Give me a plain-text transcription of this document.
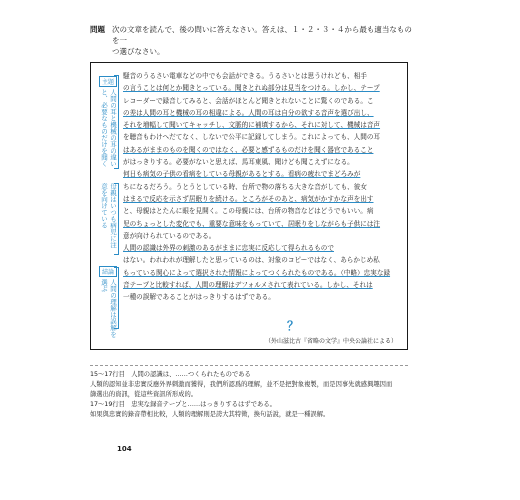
問題 次の文章を読んで、後の問いに答えなさい。答えは、１・２・３・４から最も適当なものを一
つ選びなさい。
主題
人間の耳と機械の耳の違いと、必要なものだけを聞く
母親はいつも病児に注意を向けている
結論
人間の理解は誤解を選ぶ
騒音のうるさい電車などの中でも会話ができる。うるさいとは思うけれども、相手
の言うことは何とか聞きとっている。聞きとれぬ部分は見当をつける。しかし、テープ
レコーダーで録音してみると、会話がほとんど聞きとれないことに驚くのである。こ
の差は人間の耳と機械の耳の相違による。人間の耳は自分の欲する音声を選び出し、
それを増幅して聞いてキャッチし、文脈的に補填するから、それに対して、機械は音声
を聴音もわけへだてなく、しないで公平に記録してしまう。これによっても、人間の耳
はあるがままのものを聞くのではなく、必要と感ずるものだけを聞く器官であること
がはっきりする。必要がないと思えば、馬耳東風、聞けども聞こえずになる。
何日も病気の子供の看病をしている母親があるとする。看病の疲れでまどろみが
ちになるだろう。うとうとしている時、台所で物の落ちる大きな音がしても、彼女
はまるで反応を示さず居眠りを続ける。ところがそのあと、病気がかすかな声を出す
と、母親はとたんに眼を見開く。この母親には、台所の物音などはどうでもいい。病
児のちょっとした変化でも、重要な意味をもっていて、居眠りをしながらも子供には注
意が向けられているのである。
人間の認識は外界の刺激のあるがままに忠実に反応して得られるもので
はない。われわれが理解したと思っているのは、対象のコピーではなく、あらかじめ私
もっている関心によって選択された情報によってつくられたものである。（中略）忠実な録
音テープと比較すれば、人間の理解はデフォルメされて表れている。しかし、それは
一種の誤解であることがはっきりするはずである。
？
（外山滋比古『省略の文学』中央公論社による）
15～17行目　人間の認識は、……つくられたものである
人類的認知並非忠實反應外界刺激而獲得，我們所認爲的理解，並不是把對象複製，而是因事先就感興趣因而
篩選出的資訊，從這些資訊所形成的。
17～19行目　忠実な録音テープと……はっきりするはずである。
如果與忠實的錄音帶相比較，人類的理解則是誇大其特徵，換句話說，就是一種誤解。
104
